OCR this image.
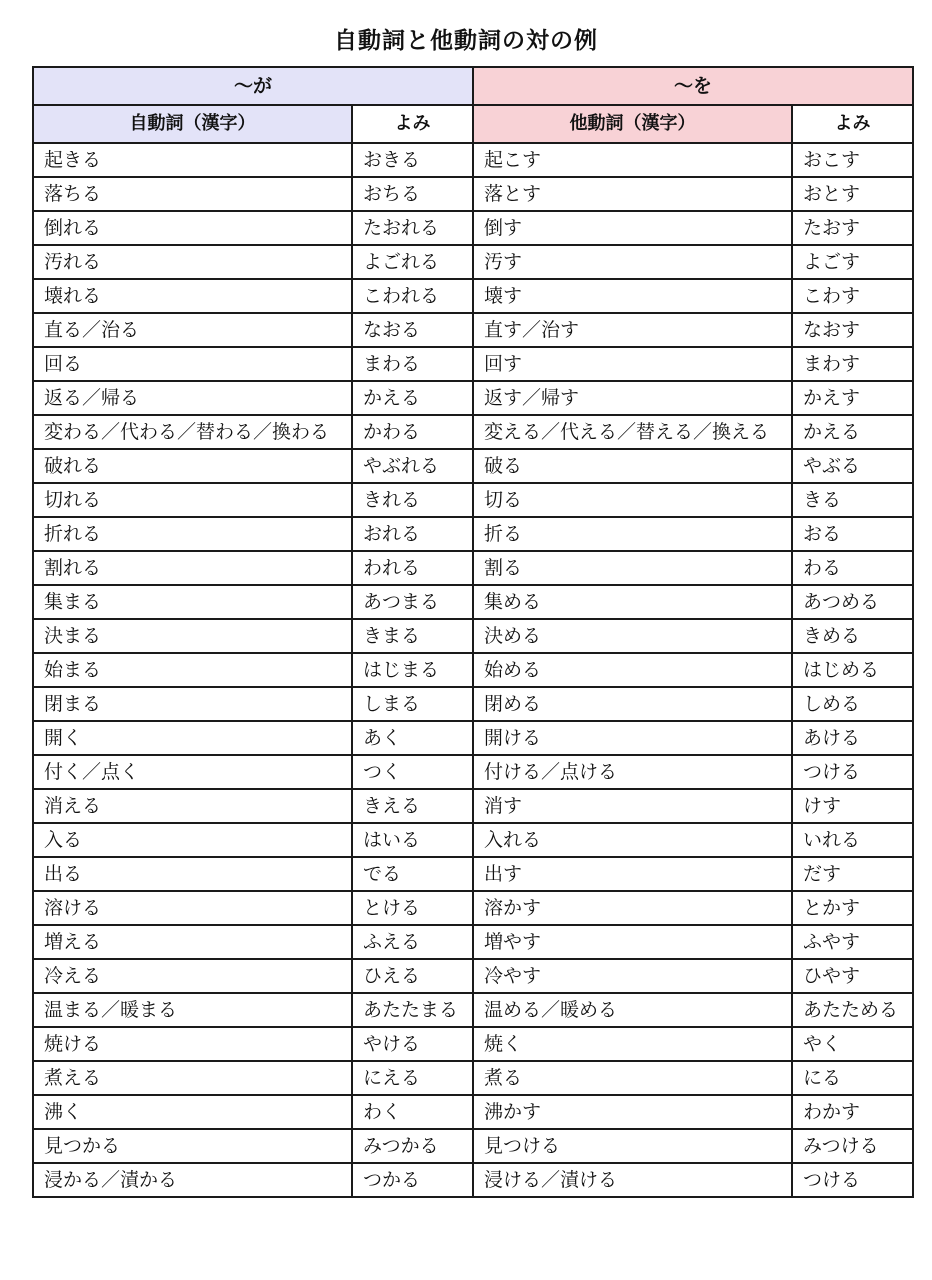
自動詞と他動詞の対の例
〜が		〜を	
自動詞（漢字）	よみ	他動詞（漢字）	よみ
起きる	おきる	起こす	おこす
落ちる	おちる	落とす	おとす
倒れる	たおれる	倒す	たおす
汚れる	よごれる	汚す	よごす
壊れる	こわれる	壊す	こわす
直る／治る	なおる	直す／治す	なおす
回る	まわる	回す	まわす
返る／帰る	かえる	返す／帰す	かえす
変わる／代わる／替わる／換わる	かわる	変える／代える／替える／換える	かえる
破れる	やぶれる	破る	やぶる
切れる	きれる	切る	きる
折れる	おれる	折る	おる
割れる	われる	割る	わる
集まる	あつまる	集める	あつめる
決まる	きまる	決める	きめる
始まる	はじまる	始める	はじめる
閉まる	しまる	閉める	しめる
開く	あく	開ける	あける
付く／点く	つく	付ける／点ける	つける
消える	きえる	消す	けす
入る	はいる	入れる	いれる
出る	でる	出す	だす
溶ける	とける	溶かす	とかす
増える	ふえる	増やす	ふやす
冷える	ひえる	冷やす	ひやす
温まる／暖まる	あたたまる	温める／暖める	あたためる
焼ける	やける	焼く	やく
煮える	にえる	煮る	にる
沸く	わく	沸かす	わかす
見つかる	みつかる	見つける	みつける
浸かる／漬かる	つかる	浸ける／漬ける	つける
